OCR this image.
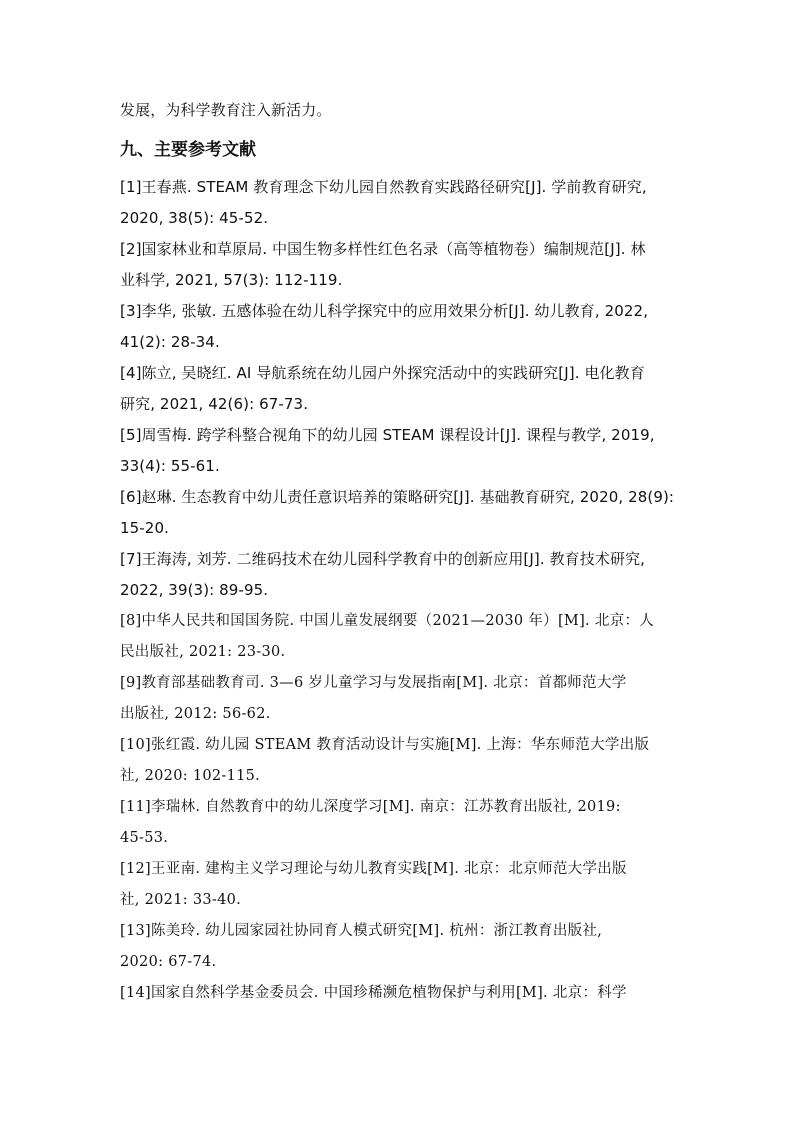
发展，为科学教育注入新活力。
九、主要参考文献
[1]王春燕. STEAM 教育理念下幼儿园自然教育实践路径研究[J]. 学前教育研究,
2020, 38(5): 45-52.
[2]国家林业和草原局. 中国生物多样性红色名录（高等植物卷）编制规范[J]. 林
业科学, 2021, 57(3): 112-119.
[3]李华, 张敏. 五感体验在幼儿科学探究中的应用效果分析[J]. 幼儿教育, 2022,
41(2): 28-34.
[4]陈立, 吴晓红. AI 导航系统在幼儿园户外探究活动中的实践研究[J]. 电化教育
研究, 2021, 42(6): 67-73.
[5]周雪梅. 跨学科整合视角下的幼儿园 STEAM 课程设计[J]. 课程与教学, 2019,
33(4): 55-61.
[6]赵琳. 生态教育中幼儿责任意识培养的策略研究[J]. 基础教育研究, 2020, 28(9):
15-20.
[7]王海涛, 刘芳. 二维码技术在幼儿园科学教育中的创新应用[J]. 教育技术研究,
2022, 39(3): 89-95.
[8]中华人民共和国国务院. 中国儿童发展纲要（2021—2030 年）[M]. 北京：人
民出版社, 2021: 23-30.
[9]教育部基础教育司. 3—6 岁儿童学习与发展指南[M]. 北京：首都师范大学
出版社, 2012: 56-62.
[10]张红霞. 幼儿园 STEAM 教育活动设计与实施[M]. 上海：华东师范大学出版
社, 2020: 102-115.
[11]李瑞林. 自然教育中的幼儿深度学习[M]. 南京：江苏教育出版社, 2019:
45-53.
[12]王亚南. 建构主义学习理论与幼儿教育实践[M]. 北京：北京师范大学出版
社, 2021: 33-40.
[13]陈美玲. 幼儿园家园社协同育人模式研究[M]. 杭州：浙江教育出版社,
2020: 67-74.
[14]国家自然科学基金委员会. 中国珍稀濒危植物保护与利用[M]. 北京：科学
